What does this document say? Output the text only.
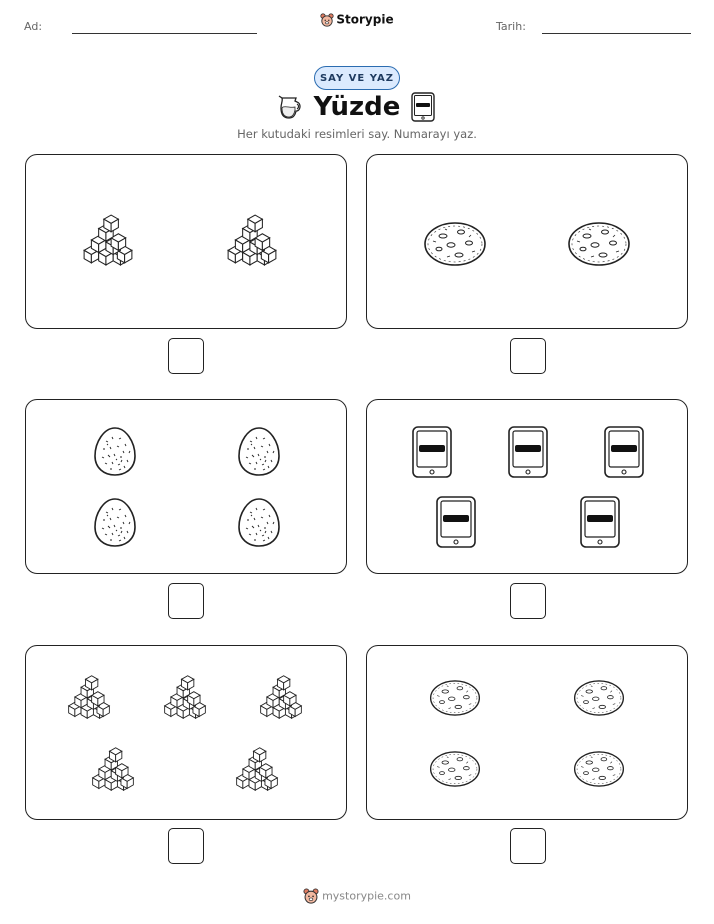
Ad:	Storypie	Tarih:
SAY VE YAZ
Yüzde
Her kutudaki resimleri say. Numarayı yaz.
mystorypie.com
